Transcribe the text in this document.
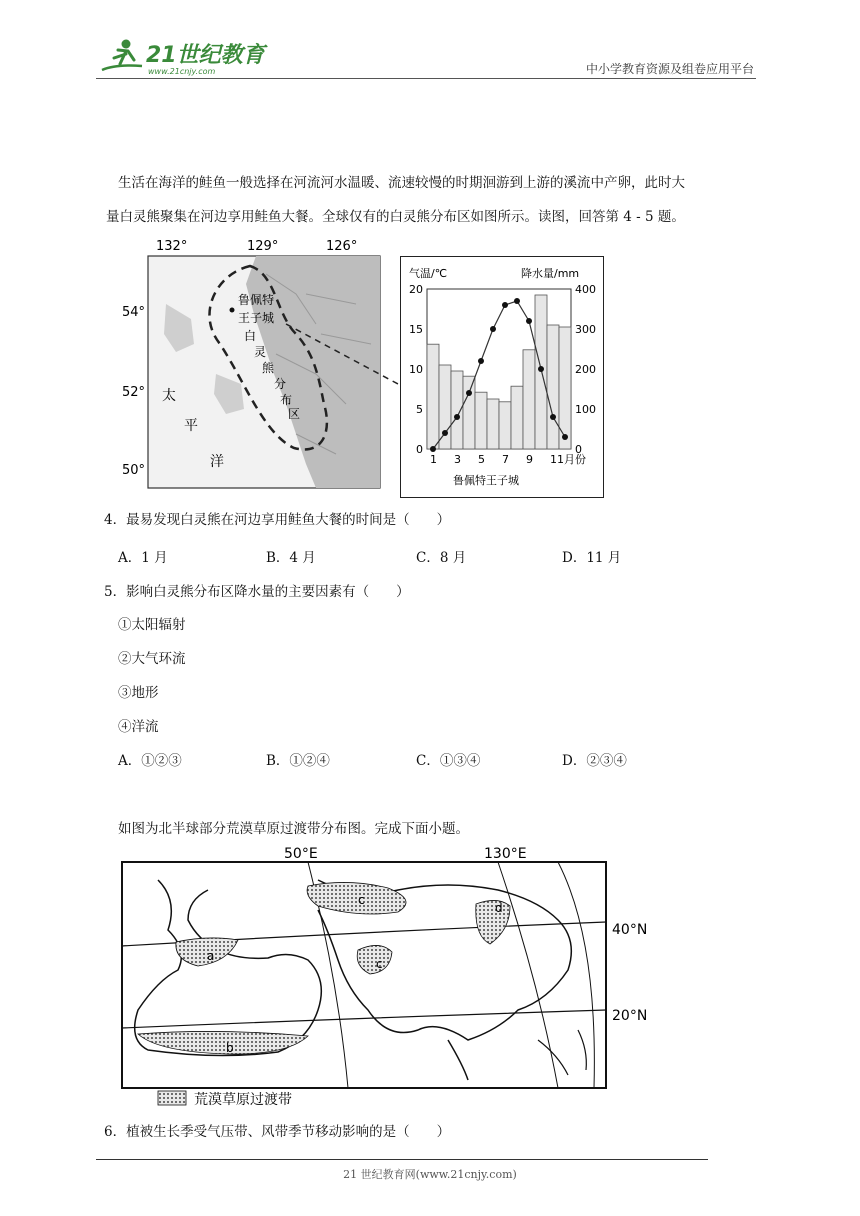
21世纪教育
www.21cnjy.com	中小学教育资源及组卷应用平台
生活在海洋的鲑鱼一般选择在河流河水温暖、流速较慢的时期洄游到上游的溪流中产卵，此时大
量白灵熊聚集在河边享用鲑鱼大餐。全球仅有的白灵熊分布区如图所示。读图，回答第 4 - 5 题。
132°	129°	126°
54°
52°
50°
鲁佩特
王子城
白
灵
熊
分
布
区
太
平
洋
气温/℃	降水量/mm
0
5
10
15
20
0
100
200
300
400
1 3 5 7 9 11月份
鲁佩特王子城
4．最易发现白灵熊在河边享用鲑鱼大餐的时间是（　　）
A．1 月	B．4 月	C．8 月	D．11 月
5．影响白灵熊分布区降水量的主要因素有（　　）
①太阳辐射
②大气环流
③地形
④洋流
A．①②③	B．①②④	C．①③④	D．②③④
如图为北半球部分荒漠草原过渡带分布图。完成下面小题。
50°E	130°E
a
b
c
c
d
40°N
20°N
荒漠草原过渡带
6．植被生长季受气压带、风带季节移动影响的是（　　）
21 世纪教育网(www.21cnjy.com)
